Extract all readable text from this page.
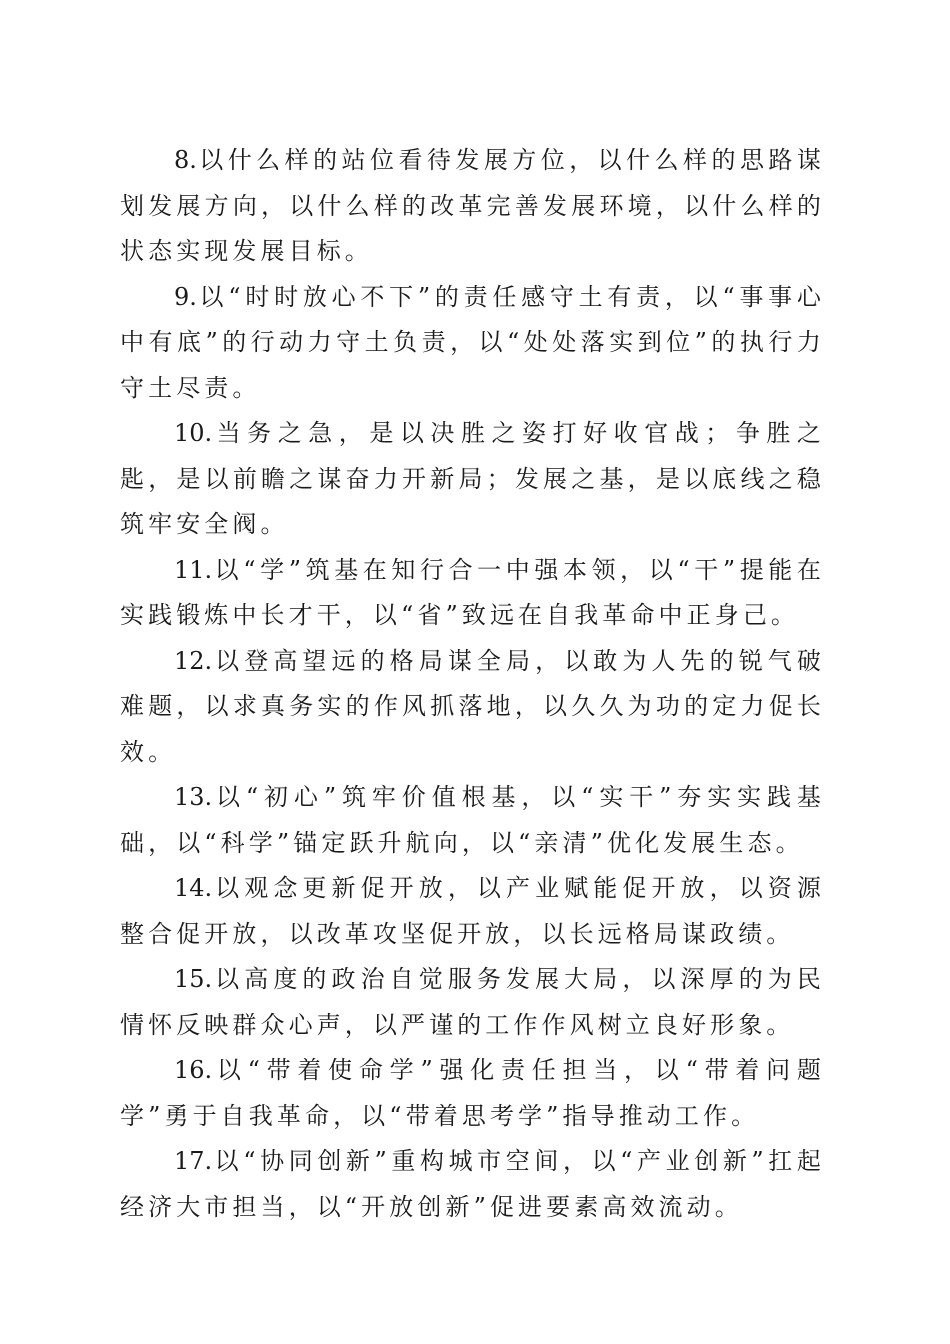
8.以什么样的站位看待发展方位，以什么样的思路谋划发展方向，以什么样的改革完善发展环境，以什么样的状态实现发展目标。

9.以“时时放心不下”的责任感守土有责，以“事事心中有底”的行动力守土负责，以“处处落实到位”的执行力守土尽责。

10.当务之急，是以决胜之姿打好收官战；争胜之匙，是以前瞻之谋奋力开新局；发展之基，是以底线之稳筑牢安全阀。

11.以“学”筑基在知行合一中强本领，以“干”提能在实践锻炼中长才干，以“省”致远在自我革命中正身己。

12.以登高望远的格局谋全局，以敢为人先的锐气破难题，以求真务实的作风抓落地，以久久为功的定力促长效。

13.以“初心”筑牢价值根基，以“实干”夯实实践基础，以“科学”锚定跃升航向，以“亲清”优化发展生态。

14.以观念更新促开放，以产业赋能促开放，以资源整合促开放，以改革攻坚促开放，以长远格局谋政绩。

15.以高度的政治自觉服务发展大局，以深厚的为民情怀反映群众心声，以严谨的工作作风树立良好形象。

16.以“带着使命学”强化责任担当，以“带着问题学”勇于自我革命，以“带着思考学”指导推动工作。

17.以“协同创新”重构城市空间，以“产业创新”扛起经济大市担当，以“开放创新”促进要素高效流动。
